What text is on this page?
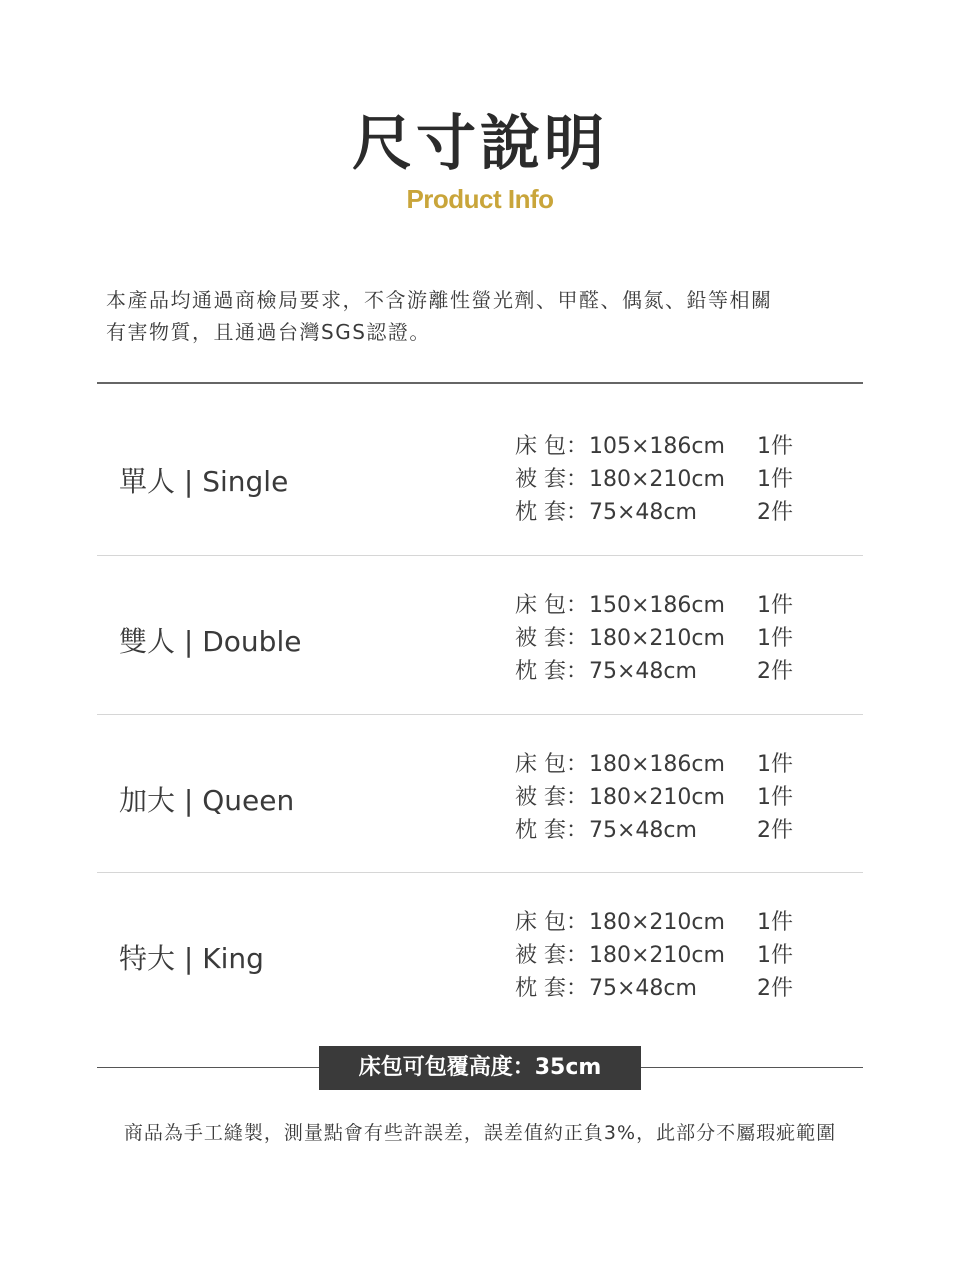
尺寸說明
Product Info
本產品均通過商檢局要求，不含游離性螢光劑、甲醛、偶氮、鉛等相關
有害物質，且通過台灣SGS認證。
單人 | Single
床 包：105×186cm 1件
被 套：180×210cm 1件
枕 套：75×48cm	2件
雙人 | Double
床 包：150×186cm 1件
被 套：180×210cm 1件
枕 套：75×48cm	2件
加大 | Queen
床 包：180×186cm 1件
被 套：180×210cm 1件
枕 套：75×48cm	2件
特大 | King
床 包：180×210cm 1件
被 套：180×210cm 1件
枕 套：75×48cm	2件
床包可包覆高度：35cm
商品為手工縫製，測量點會有些許誤差，誤差值約正負3%，此部分不屬瑕疵範圍
